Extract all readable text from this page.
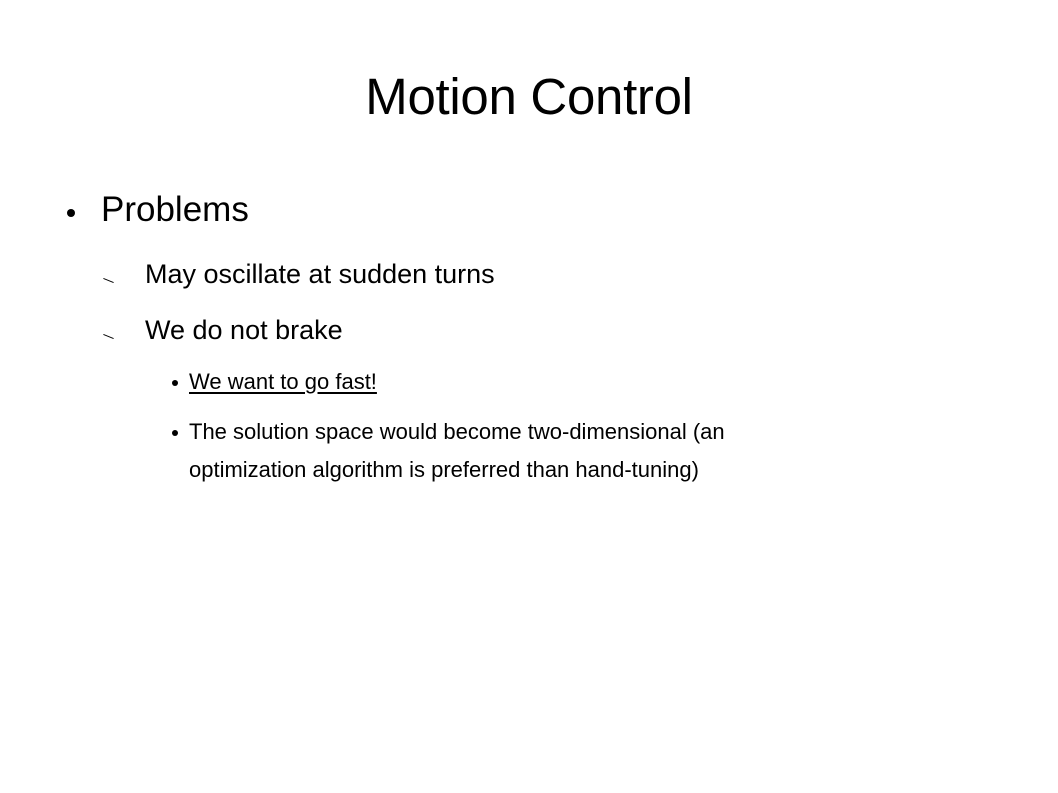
Motion Control
Problems
May oscillate at sudden turns
We do not brake
We want to go fast!
The solution space would become two-dimensional (an
optimization algorithm is preferred than hand-tuning)
